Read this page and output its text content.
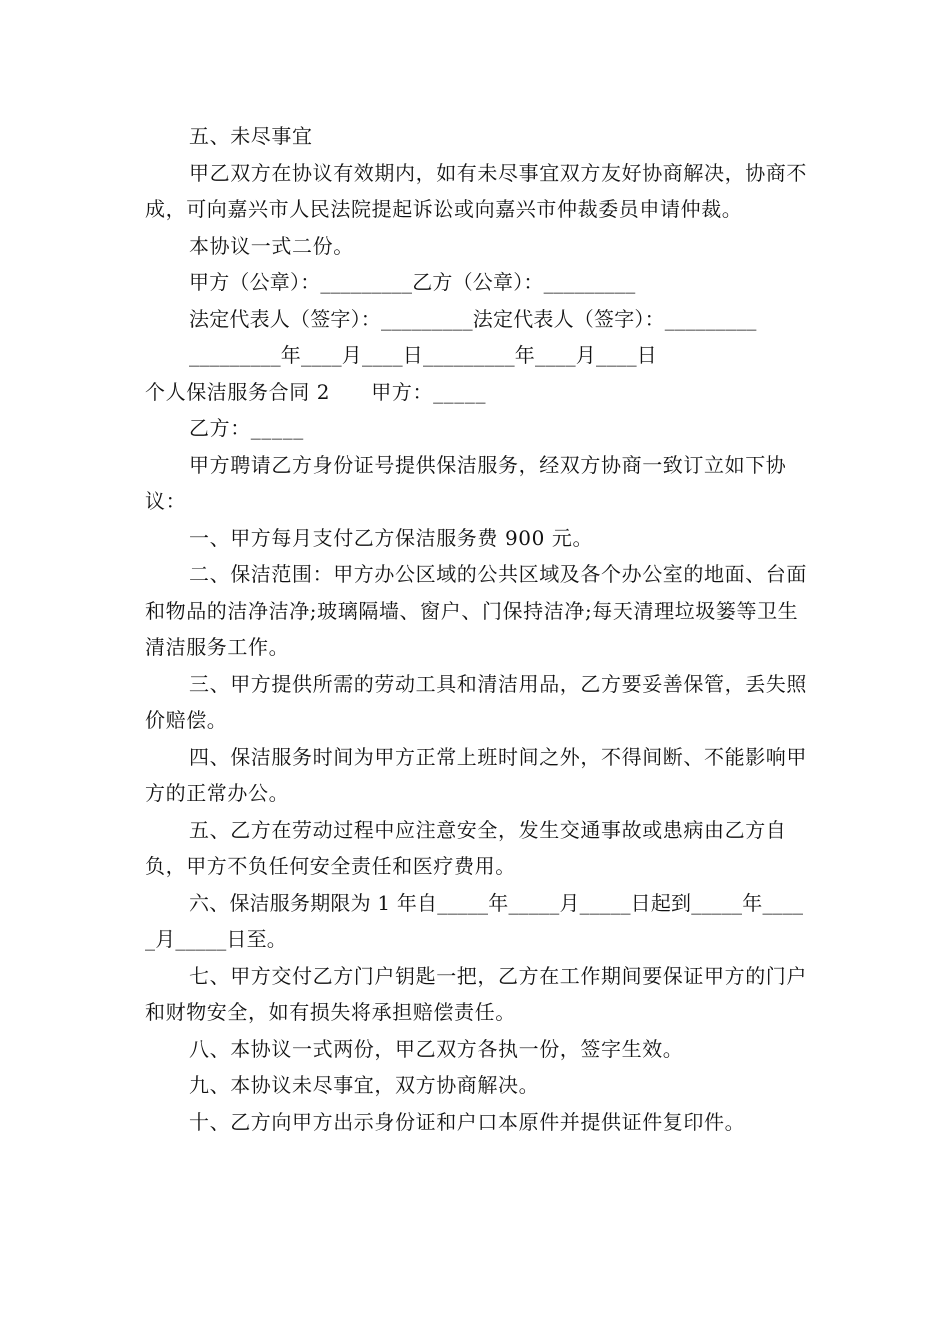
五、未尽事宜

甲乙双方在协议有效期内，如有未尽事宜双方友好协商解决，协商不成，可向嘉兴市人民法院提起诉讼或向嘉兴市仲裁委员申请仲裁。

本协议一式二份。

甲方（公章）：_________乙方（公章）：_________

法定代表人（签字）：_________法定代表人（签字）：_________

_________年____月____日_________年____月____日

个人保洁服务合同 2　　甲方：_____

乙方：_____

甲方聘请乙方身份证号提供保洁服务，经双方协商一致订立如下协议：

一、甲方每月支付乙方保洁服务费 900 元。

二、保洁范围：甲方办公区域的公共区域及各个办公室的地面、台面和物品的洁净洁净;玻璃隔墙、窗户、门保持洁净;每天清理垃圾篓等卫生清洁服务工作。

三、甲方提供所需的劳动工具和清洁用品，乙方要妥善保管，丢失照价赔偿。

四、保洁服务时间为甲方正常上班时间之外，不得间断、不能影响甲方的正常办公。

五、乙方在劳动过程中应注意安全，发生交通事故或患病由乙方自负，甲方不负任何安全责任和医疗费用。

六、保洁服务期限为 1 年自_____年_____月_____日起到_____年_____月_____日至。

七、甲方交付乙方门户钥匙一把，乙方在工作期间要保证甲方的门户和财物安全，如有损失将承担赔偿责任。

八、本协议一式两份，甲乙双方各执一份，签字生效。

九、本协议未尽事宜，双方协商解决。

十、乙方向甲方出示身份证和户口本原件并提供证件复印件。
